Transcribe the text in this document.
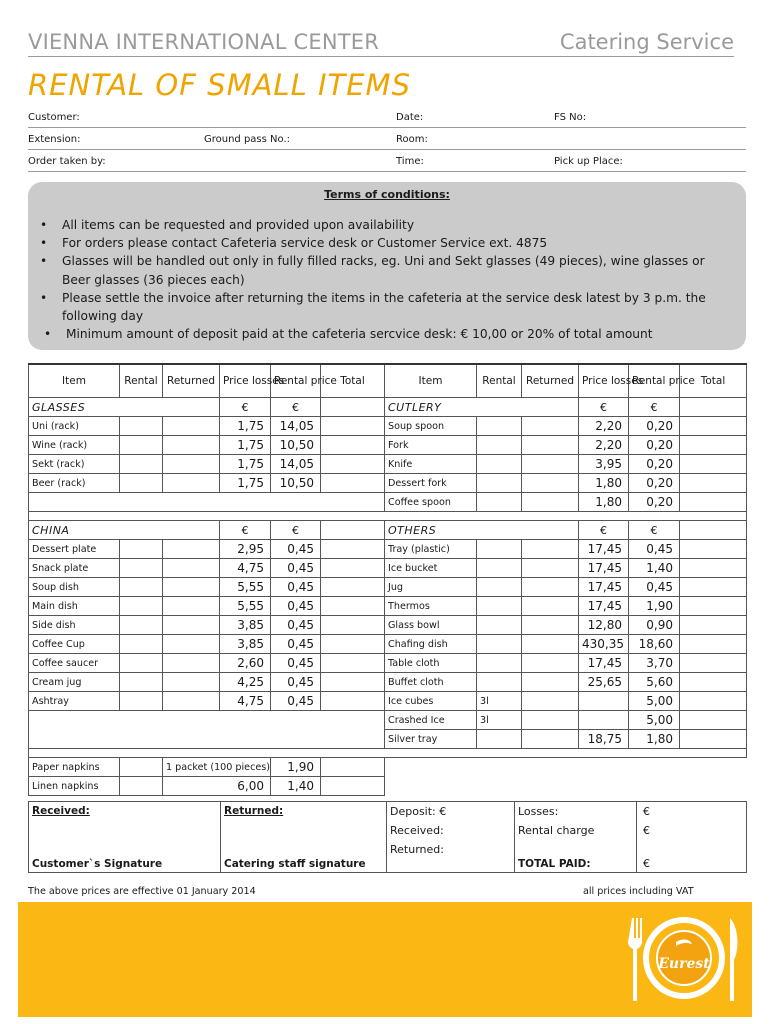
VIENNA INTERNATIONAL CENTER	Catering Service
RENTAL OF SMALL ITEMS
Customer:	Date:	FS No:
Extension:	Ground pass No.:	Room:
Order taken by:	Time:	Pick up Place:
Terms of conditions:
• All items can be requested and provided upon availability
• For orders please contact Cafeteria service desk or Customer Service ext. 4875
• Glasses will be handled out only in fully filled racks, eg. Uni and Sekt glasses (49 pieces), wine glasses or Beer glasses (36 pieces each)
• Please settle the invoice after returning the items in the cafeteria at the service desk latest by 3 p.m. the following day
• Minimum amount of deposit paid at the cafeteria sercvice desk: € 10,00 or 20% of total amount
Item	Rental	Returned	Price losses	Rental price	Total	Item	Rental	Returned	Price losses	Rental price	Total
GLASSES			€	€		CUTLERY			€	€	
Uni (rack)			1,75	14,05		Soup spoon			2,20	0,20	
Wine (rack)			1,75	10,50		Fork			2,20	0,20	
Sekt (rack)			1,75	14,05		Knife			3,95	0,20	
Beer (rack)			1,75	10,50		Dessert fork			1,80	0,20	
						Coffee spoon			1,80	0,20	

CHINA			€	€		OTHERS			€	€	
Dessert plate			2,95	0,45		Tray (plastic)			17,45	0,45	
Snack plate			4,75	0,45		Ice bucket			17,45	1,40	
Soup dish			5,55	0,45		Jug			17,45	0,45	
Main dish			5,55	0,45		Thermos			17,45	1,90	
Side dish			3,85	0,45		Glass bowl			12,80	0,90	
Coffee Cup			3,85	0,45		Chafing dish			430,35	18,60	
Coffee saucer			2,60	0,45		Table cloth			17,45	3,70	
Cream jug			4,25	0,45		Buffet cloth			25,65	5,60	
Ashtray			4,75	0,45		Ice cubes	3l			5,00	
						Crashed Ice	3l			5,00	
						Silver tray			18,75	1,80	

Paper napkins		1 packet (100 pieces)		1,90							
Linen napkins		6,00		1,40							
Received:
Customer`s Signature

Returned:
Catering staff signature

Deposit: €
Received:
Returned:

Losses:
Rental charge
TOTAL PAID:

€
€
€
The above prices are effective 01 January 2014	all prices including VAT
Eurest
